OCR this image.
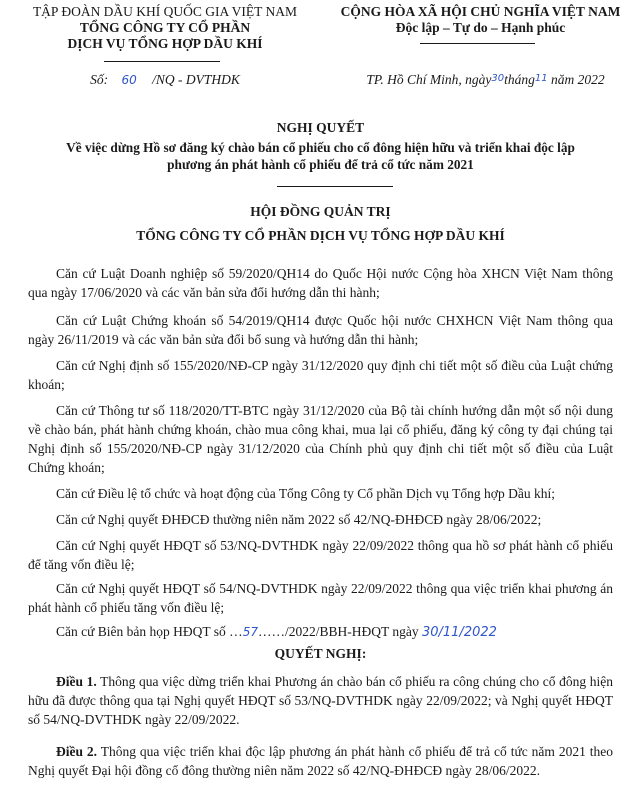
TẬP ĐOÀN DẦU KHÍ QUỐC GIA VIỆT NAM
TỔNG CÔNG TY CỔ PHẦN
DỊCH VỤ TỔNG HỢP DẦU KHÍ
CỘNG HÒA XÃ HỘI CHỦ NGHĨA VIỆT NAM
Độc lập – Tự do – Hạnh phúc
Số: 60 /NQ - DVTHDK	TP. Hồ Chí Minh, ngày$^{30}$tháng$^{11}$ năm 2022
NGHỊ QUYẾT
Về việc dừng Hồ sơ đăng ký chào bán cổ phiếu cho cổ đông hiện hữu và triển khai độc lập
phương án phát hành cổ phiếu để trả cổ tức năm 2021
HỘI ĐỒNG QUẢN TRỊ
TỔNG CÔNG TY CỔ PHẦN DỊCH VỤ TỔNG HỢP DẦU KHÍ
Căn cứ Luật Doanh nghiệp số 59/2020/QH14 do Quốc Hội nước Cộng hòa XHCN Việt Nam thông qua ngày 17/06/2020 và các văn bản sửa đổi hướng dẫn thi hành;
Căn cứ Luật Chứng khoán số 54/2019/QH14 được Quốc hội nước CHXHCN Việt Nam thông qua ngày 26/11/2019 và các văn bản sửa đổi bổ sung và hướng dẫn thi hành;
Căn cứ Nghị định số 155/2020/NĐ-CP ngày 31/12/2020 quy định chi tiết một số điều của Luật chứng khoán;
Căn cứ Thông tư số 118/2020/TT-BTC ngày 31/12/2020 của Bộ tài chính hướng dẫn một số nội dung về chào bán, phát hành chứng khoán, chào mua công khai, mua lại cổ phiếu, đăng ký công ty đại chúng tại Nghị định số 155/2020/NĐ-CP ngày 31/12/2020 của Chính phủ quy định chi tiết một số điều của Luật Chứng khoán;
Căn cứ Điều lệ tổ chức và hoạt động của Tổng Công ty Cổ phần Dịch vụ Tổng hợp Dầu khí;
Căn cứ Nghị quyết ĐHĐCĐ thường niên năm 2022 số 42/NQ-ĐHĐCĐ ngày 28/06/2022;
Căn cứ Nghị quyết HĐQT số 53/NQ-DVTHDK ngày 22/09/2022 thông qua hồ sơ phát hành cổ phiếu để tăng vốn điều lệ;
Căn cứ Nghị quyết HĐQT số 54/NQ-DVTHDK ngày 22/09/2022 thông qua việc triển khai phương án phát hành cổ phiếu tăng vốn điều lệ;
Căn cứ Biên bản họp HĐQT số …57……/2022/BBH-HĐQT ngày 30/11/2022
QUYẾT NGHỊ:
Điều 1. Thông qua việc dừng triển khai Phương án chào bán cổ phiếu ra công chúng cho cổ đông hiện hữu đã được thông qua tại Nghị quyết HĐQT số 53/NQ-DVTHDK ngày 22/09/2022; và Nghị quyết HĐQT số 54/NQ-DVTHDK ngày 22/09/2022.
Điều 2. Thông qua việc triển khai độc lập phương án phát hành cổ phiếu để trả cổ tức năm 2021 theo Nghị quyết Đại hội đồng cổ đông thường niên năm 2022 số 42/NQ-ĐHĐCĐ ngày 28/06/2022.
